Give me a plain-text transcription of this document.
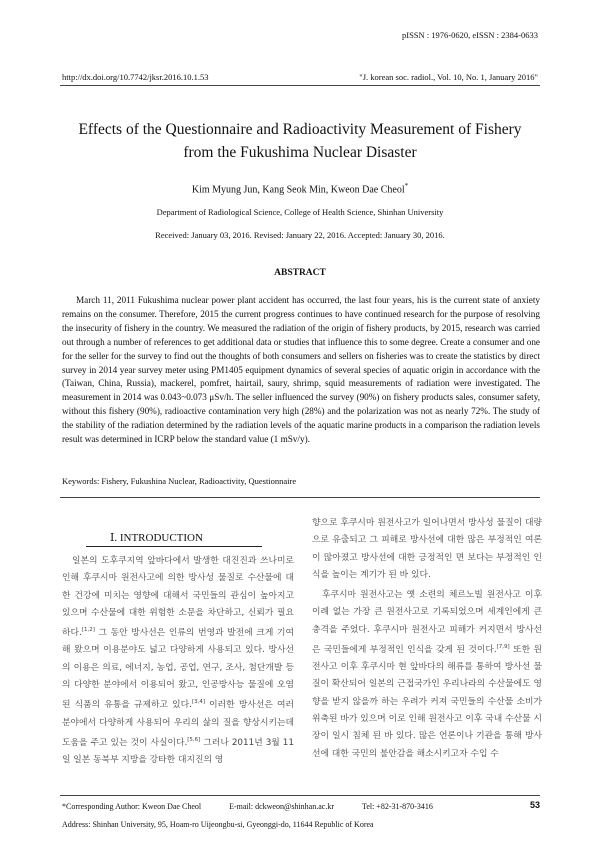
pISSN : 1976-0620, eISSN : 2384-0633
http://dx.doi.org/10.7742/jksr.2016.10.1.53	"J. korean soc. radiol., Vol. 10, No. 1, January 2016"
Effects of the Questionnaire and Radioactivity Measurement of Fishery
from the Fukushima Nuclear Disaster
Kim Myung Jun, Kang Seok Min, Kweon Dae Cheol*
Department of Radiological Science, College of Health Science, Shinhan University
Received: January 03, 2016. Revised: January 22, 2016. Accepted: January 30, 2016.
ABSTRACT

March 11, 2011 Fukushima nuclear power plant accident has occurred, the last four years, his is the current state of anxiety remains on the consumer. Therefore, 2015 the current progress continues to have continued research for the purpose of resolving the insecurity of fishery in the country. We measured the radiation of the origin of fishery products, by 2015, research was carried out through a number of references to get additional data or studies that influence this to some degree. Create a consumer and one for the seller for the survey to find out the thoughts of both consumers and sellers on fisheries was to create the statistics by direct survey in 2014 year survey meter using PM1405 equipment dynamics of several species of aquatic origin in accordance with the (Taiwan, China, Russia), mackerel, pomfret, hairtail, saury, shrimp, squid measurements of radiation were investigated. The measurement in 2014 was 0.043~0.073 μSv/h. The seller influenced the survey (90%) on fishery products sales, consumer safety, without this fishery (90%), radioactive contamination very high (28%) and the polarization was not as nearly 72%. The study of the stability of the radiation determined by the radiation levels of the aquatic marine products in a comparison the radiation levels result was determined in ICRP below the standard value (1 mSv/y).

Keywords: Fishery, Fukushina Nuclear, Radioactivity, Questionnaire
Ⅰ. INTRODUCTION

일본의 도후쿠지역 앞바다에서 발생한 대진진과 쓰나미로 인해 후쿠시마 원전사고에 의한 방사성 물질로 수산물에 대한 건강에 미치는 영향에 대해서 국민들의 관심이 높아지고 있으며 수산물에 대한 위험한 소문을 차단하고, 신뢰가 필요하다.[1,2] 그 동안 방사선은 인류의 번영과 발전에 크게 기여해 왔으며 이용분야도 넓고 다양하게 사용되고 있다. 방사선의 이용은 의료, 에너지, 농업, 공업, 연구, 조사, 첨단개발 등의 다양한 분야에서 이용되어 왔고, 인공방사능 물질에 오염된 식품의 유통을 규제하고 있다.[3,4] 이러한 방사선은 여러 분야에서 다양하게 사용되어 우리의 삶의 질을 향상시키는데 도움을 주고 있는 것이 사실이다.[5,6] 그러나 2011년 3월 11일 일본 동북부 지방을 강타한 대지진의 영

향으로 후쿠시마 원전사고가 일어나면서 방사성 물질이 대량으로 유출되고 그 피해로 방사선에 대한 많은 부정적인 여론이 많아졌고 방사선에 대한 긍정적인 면 보다는 부정적인 인식을 높이는 계기가 된 바 있다.

후쿠시마 원전사고는 옛 소련의 체르노빌 원전사고 이후 이례 없는 가장 큰 원전사고로 기록되었으며 세계인에게 큰 충격을 주었다. 후쿠시마 원전사고 피해가 커지면서 방사선은 국민들에게 부정적인 인식을 갖게 된 것이다.[7,9] 또한 원전사고 이후 후쿠시마 현 앞바다의 해류를 통하여 방사선 물질이 확산되어 일본의 근접국가인 우리나라의 수산물에도 영향을 받지 않을까 하는 우려가 커져 국민들의 수산물 소비가 위축된 바가 있으며 이로 인해 원전사고 이후 국내 수산물 시장이 일시 침체 된 바 있다. 많은 언론이나 기관을 통해 방사선에 대한 국민의 불안감을 해소시키고자 수입 수

*Corresponding Author: Kweon Dae Cheol	E-mail: dckweon@shinhan.ac.kr	Tel: +82-31-870-3416
Address: Shinhan University, 95, Hoam-ro Uijeongbu-si, Gyeonggi-do, 11644 Republic of Korea
53
